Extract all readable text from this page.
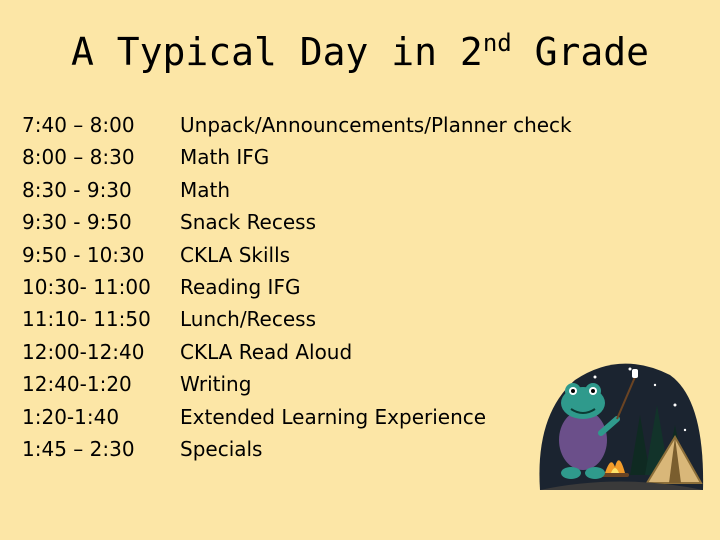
A Typical Day in 2nd Grade
7:40 – 8:00 Unpack/Announcements/Planner check
8:00 – 8:30 Math IFG
8:30 - 9:30 Math
9:30 - 9:50 Snack Recess
9:50 - 10:30 CKLA Skills
10:30- 11:00 Reading IFG
11:10- 11:50 Lunch/Recess
12:00-12:40 CKLA Read Aloud
12:40-1:20 Writing
1:20-1:40	Extended Learning Experience
1:45 – 2:30 Specials
